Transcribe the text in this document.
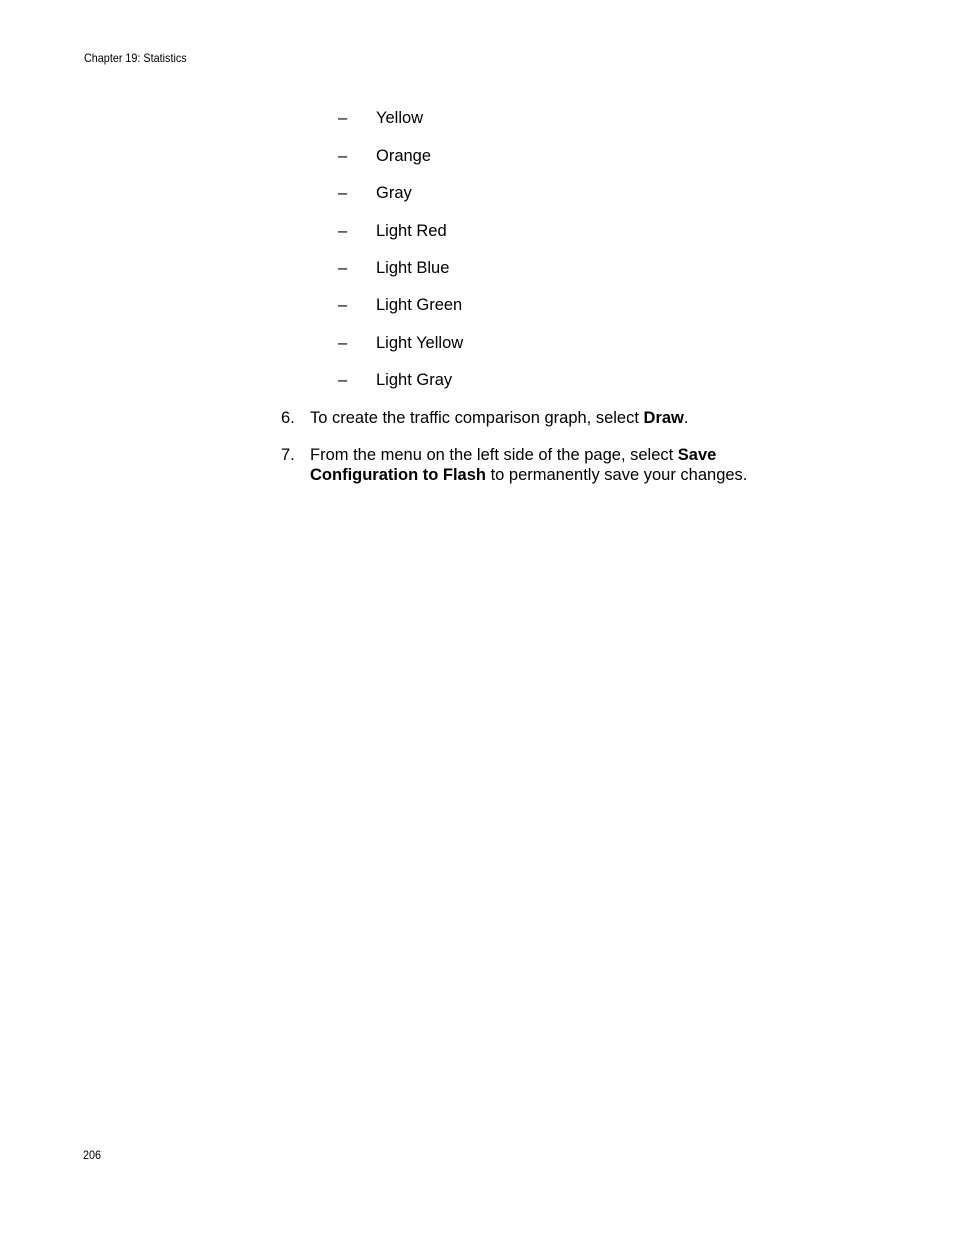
Chapter 19: Statistics
– Yellow
– Orange
– Gray
– Light Red
– Light Blue
– Light Green
– Light Yellow
– Light Gray
6. To create the traffic comparison graph, select Draw.
7. From the menu on the left side of the page, select Save Configuration to Flash to permanently save your changes.
206
